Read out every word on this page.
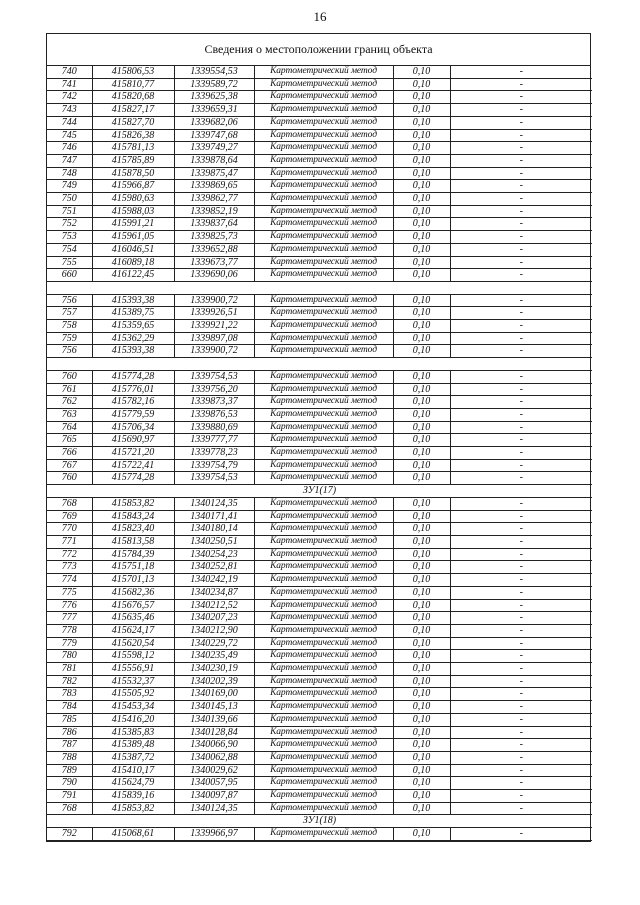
16
Сведения о местоположении границ объекта
740	415806,53	1339554,53	Картометрический метод	0,10	-
741	415810,77	1339589,72	Картометрический метод	0,10	-
742	415820,68	1339625,38	Картометрический метод	0,10	-
743	415827,17	1339659,31	Картометрический метод	0,10	-
744	415827,70	1339682,06	Картометрический метод	0,10	-
745	415826,38	1339747,68	Картометрический метод	0,10	-
746	415781,13	1339749,27	Картометрический метод	0,10	-
747	415785,89	1339878,64	Картометрический метод	0,10	-
748	415878,50	1339875,47	Картометрический метод	0,10	-
749	415966,87	1339869,65	Картометрический метод	0,10	-
750	415980,63	1339862,77	Картометрический метод	0,10	-
751	415988,03	1339852,19	Картометрический метод	0,10	-
752	415991,21	1339837,64	Картометрический метод	0,10	-
753	415961,05	1339825,73	Картометрический метод	0,10	-
754	416046,51	1339652,88	Картометрический метод	0,10	-
755	416089,18	1339673,77	Картометрический метод	0,10	-
660	416122,45	1339690,06	Картометрический метод	0,10	-

756	415393,38	1339900,72	Картометрический метод	0,10	-
757	415389,75	1339926,51	Картометрический метод	0,10	-
758	415359,65	1339921,22	Картометрический метод	0,10	-
759	415362,29	1339897,08	Картометрический метод	0,10	-
756	415393,38	1339900,72	Картометрический метод	0,10	-

760	415774,28	1339754,53	Картометрический метод	0,10	-
761	415776,01	1339756,20	Картометрический метод	0,10	-
762	415782,16	1339873,37	Картометрический метод	0,10	-
763	415779,59	1339876,53	Картометрический метод	0,10	-
764	415706,34	1339880,69	Картометрический метод	0,10	-
765	415690,97	1339777,77	Картометрический метод	0,10	-
766	415721,20	1339778,23	Картометрический метод	0,10	-
767	415722,41	1339754,79	Картометрический метод	0,10	-
760	415774,28	1339754,53	Картометрический метод	0,10	-
ЗУ1(17)					
768	415853,82	1340124,35	Картометрический метод	0,10	-
769	415843,24	1340171,41	Картометрический метод	0,10	-
770	415823,40	1340180,14	Картометрический метод	0,10	-
771	415813,58	1340250,51	Картометрический метод	0,10	-
772	415784,39	1340254,23	Картометрический метод	0,10	-
773	415751,18	1340252,81	Картометрический метод	0,10	-
774	415701,13	1340242,19	Картометрический метод	0,10	-
775	415682,36	1340234,87	Картометрический метод	0,10	-
776	415676,57	1340212,52	Картометрический метод	0,10	-
777	415635,46	1340207,23	Картометрический метод	0,10	-
778	415624,17	1340212,90	Картометрический метод	0,10	-
779	415620,54	1340229,72	Картометрический метод	0,10	-
780	415598,12	1340235,49	Картометрический метод	0,10	-
781	415556,91	1340230,19	Картометрический метод	0,10	-
782	415532,37	1340202,39	Картометрический метод	0,10	-
783	415505,92	1340169,00	Картометрический метод	0,10	-
784	415453,34	1340145,13	Картометрический метод	0,10	-
785	415416,20	1340139,66	Картометрический метод	0,10	-
786	415385,83	1340128,84	Картометрический метод	0,10	-
787	415389,48	1340066,90	Картометрический метод	0,10	-
788	415387,72	1340062,88	Картометрический метод	0,10	-
789	415410,17	1340029,62	Картометрический метод	0,10	-
790	415624,79	1340057,95	Картометрический метод	0,10	-
791	415839,16	1340097,87	Картометрический метод	0,10	-
768	415853,82	1340124,35	Картометрический метод	0,10	-
ЗУ1(18)					
792	415068,61	1339966,97	Картометрический метод	0,10	-
